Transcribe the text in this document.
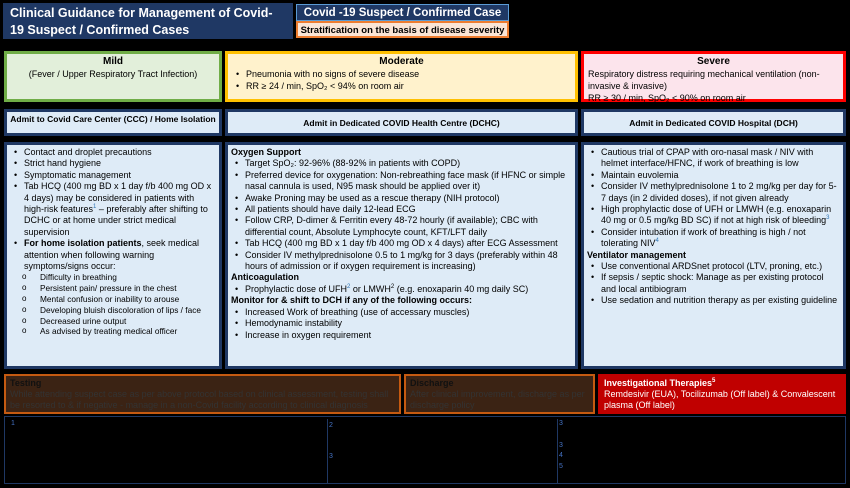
Clinical Guidance for Management of Covid-19 Suspect / Confirmed Cases
Covid -19 Suspect / Confirmed Case
Stratification on the basis of disease severity
Mild
(Fever / Upper Respiratory Tract Infection)
Moderate
• Pneumonia with no signs of severe disease
• RR ≥ 24 / min, SpO₂ < 94% on room air
Severe
Respiratory distress requiring mechanical ventilation (non-invasive & invasive)
RR ≥ 30 / min, SpO₂ < 90% on room air
Admit to Covid Care Center (CCC) / Home Isolation	Admit in Dedicated COVID Health Centre (DCHC)	Admit in Dedicated COVID Hospital (DCH)
• Contact and droplet precautions
• Strict hand hygiene
• Symptomatic management
• Tab HCQ (400 mg BD x 1 day f/b 400 mg OD x 4 days) may be considered in patients with high-risk features$^1$ – preferably after shifting to DCHC or at home under strict medical supervision
• For home isolation patients, seek medical attention when following warning symptoms/signs occur:
o Difficulty in breathing
o Persistent pain/ pressure in the chest
o Mental confusion or inability to arouse
o Developing bluish discoloration of lips / face
o Decreased urine output
o As advised by treating medical officer
Oxygen Support
• Target SpO₂: 92-96% (88-92% in patients with COPD)
• Preferred device for oxygenation: Non-rebreathing face mask (if HFNC or simple nasal cannula is used, N95 mask should be applied over it)
• Awake Proning may be used as a rescue therapy (NIH protocol)
• All patients should have daily 12-lead ECG
• Follow CRP, D-dimer & Ferritin every 48-72 hourly (if available); CBC with differential count, Absolute Lymphocyte count, KFT/LFT daily
• Tab HCQ (400 mg BD x 1 day f/b 400 mg OD x 4 days) after ECG Assessment
• Consider IV methylprednisolone 0.5 to 1 mg/kg for 3 days (preferably within 48 hours of admission or if oxygen requirement is increasing)
Anticoagulation
• Prophylactic dose of UFH$^2$ or LMWH$^2$ (e.g. enoxaparin 40 mg daily SC)
Monitor for & shift to DCH if any of the following occurs:
• Increased Work of breathing (use of accessary muscles)
• Hemodynamic instability
• Increase in oxygen requirement
• Cautious trial of CPAP with oro-nasal mask / NIV with helmet interface/HFNC, if work of breathing is low
• Maintain euvolemia
• Consider IV methylprednisolone 1 to 2 mg/kg per day for 5-7 days (in 2 divided doses), if not given already
• High prophylactic dose of UFH or LMWH (e.g. enoxaparin 40 mg or 0.5 mg/kg BD SC) if not at high risk of bleeding$^3$
• Consider intubation if work of breathing is high / not tolerating NIV$^4$
Ventilator management
• Use conventional ARDSnet protocol (LTV, proning, etc.)
• If sepsis / septic shock: Manage as per existing protocol and local antibiogram
• Use sedation and nutrition therapy as per existing guideline
Testing
While attending suspect case as per above protocol based on clinical assessment, testing shall be resorted to & if negative - manage in a non-Covid facility according to clinical diagnosis
Discharge
After clinical improvement, discharge as per discharge policy
Investigational Therapies$^5$
Remdesivir (EUA), Tocilizumab (Off label) & Convalescent plasma (Off label)
1	2
3
3
3
4
5
